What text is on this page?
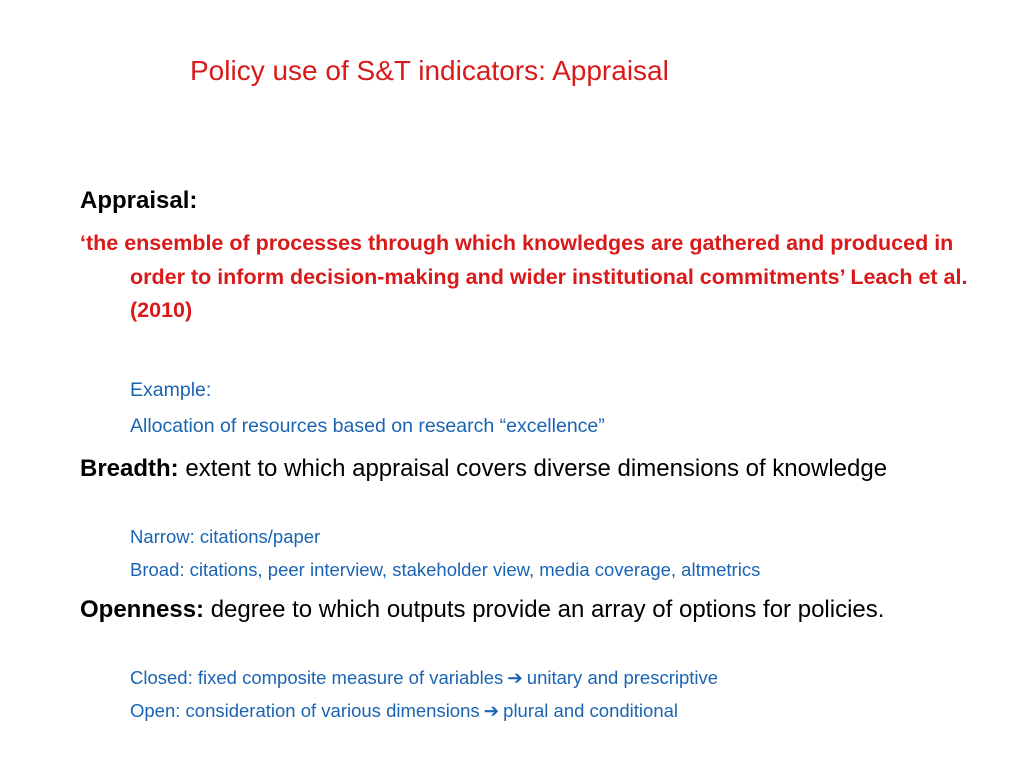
Policy use of S&T indicators: Appraisal
Appraisal:
‘the ensemble of processes through which knowledges are gathered and produced in order to inform decision-making and wider institutional commitments’ Leach et al. (2010)
Example:
Allocation of resources based on research “excellence”
Breadth: extent to which appraisal covers diverse dimensions of knowledge
Narrow: citations/paper
Broad: citations, peer interview, stakeholder view, media coverage, altmetrics
Openness: degree to which outputs provide an array of options for policies.
Closed: fixed composite measure of variables ➔ unitary and prescriptive
Open: consideration of various dimensions ➔ plural and conditional
